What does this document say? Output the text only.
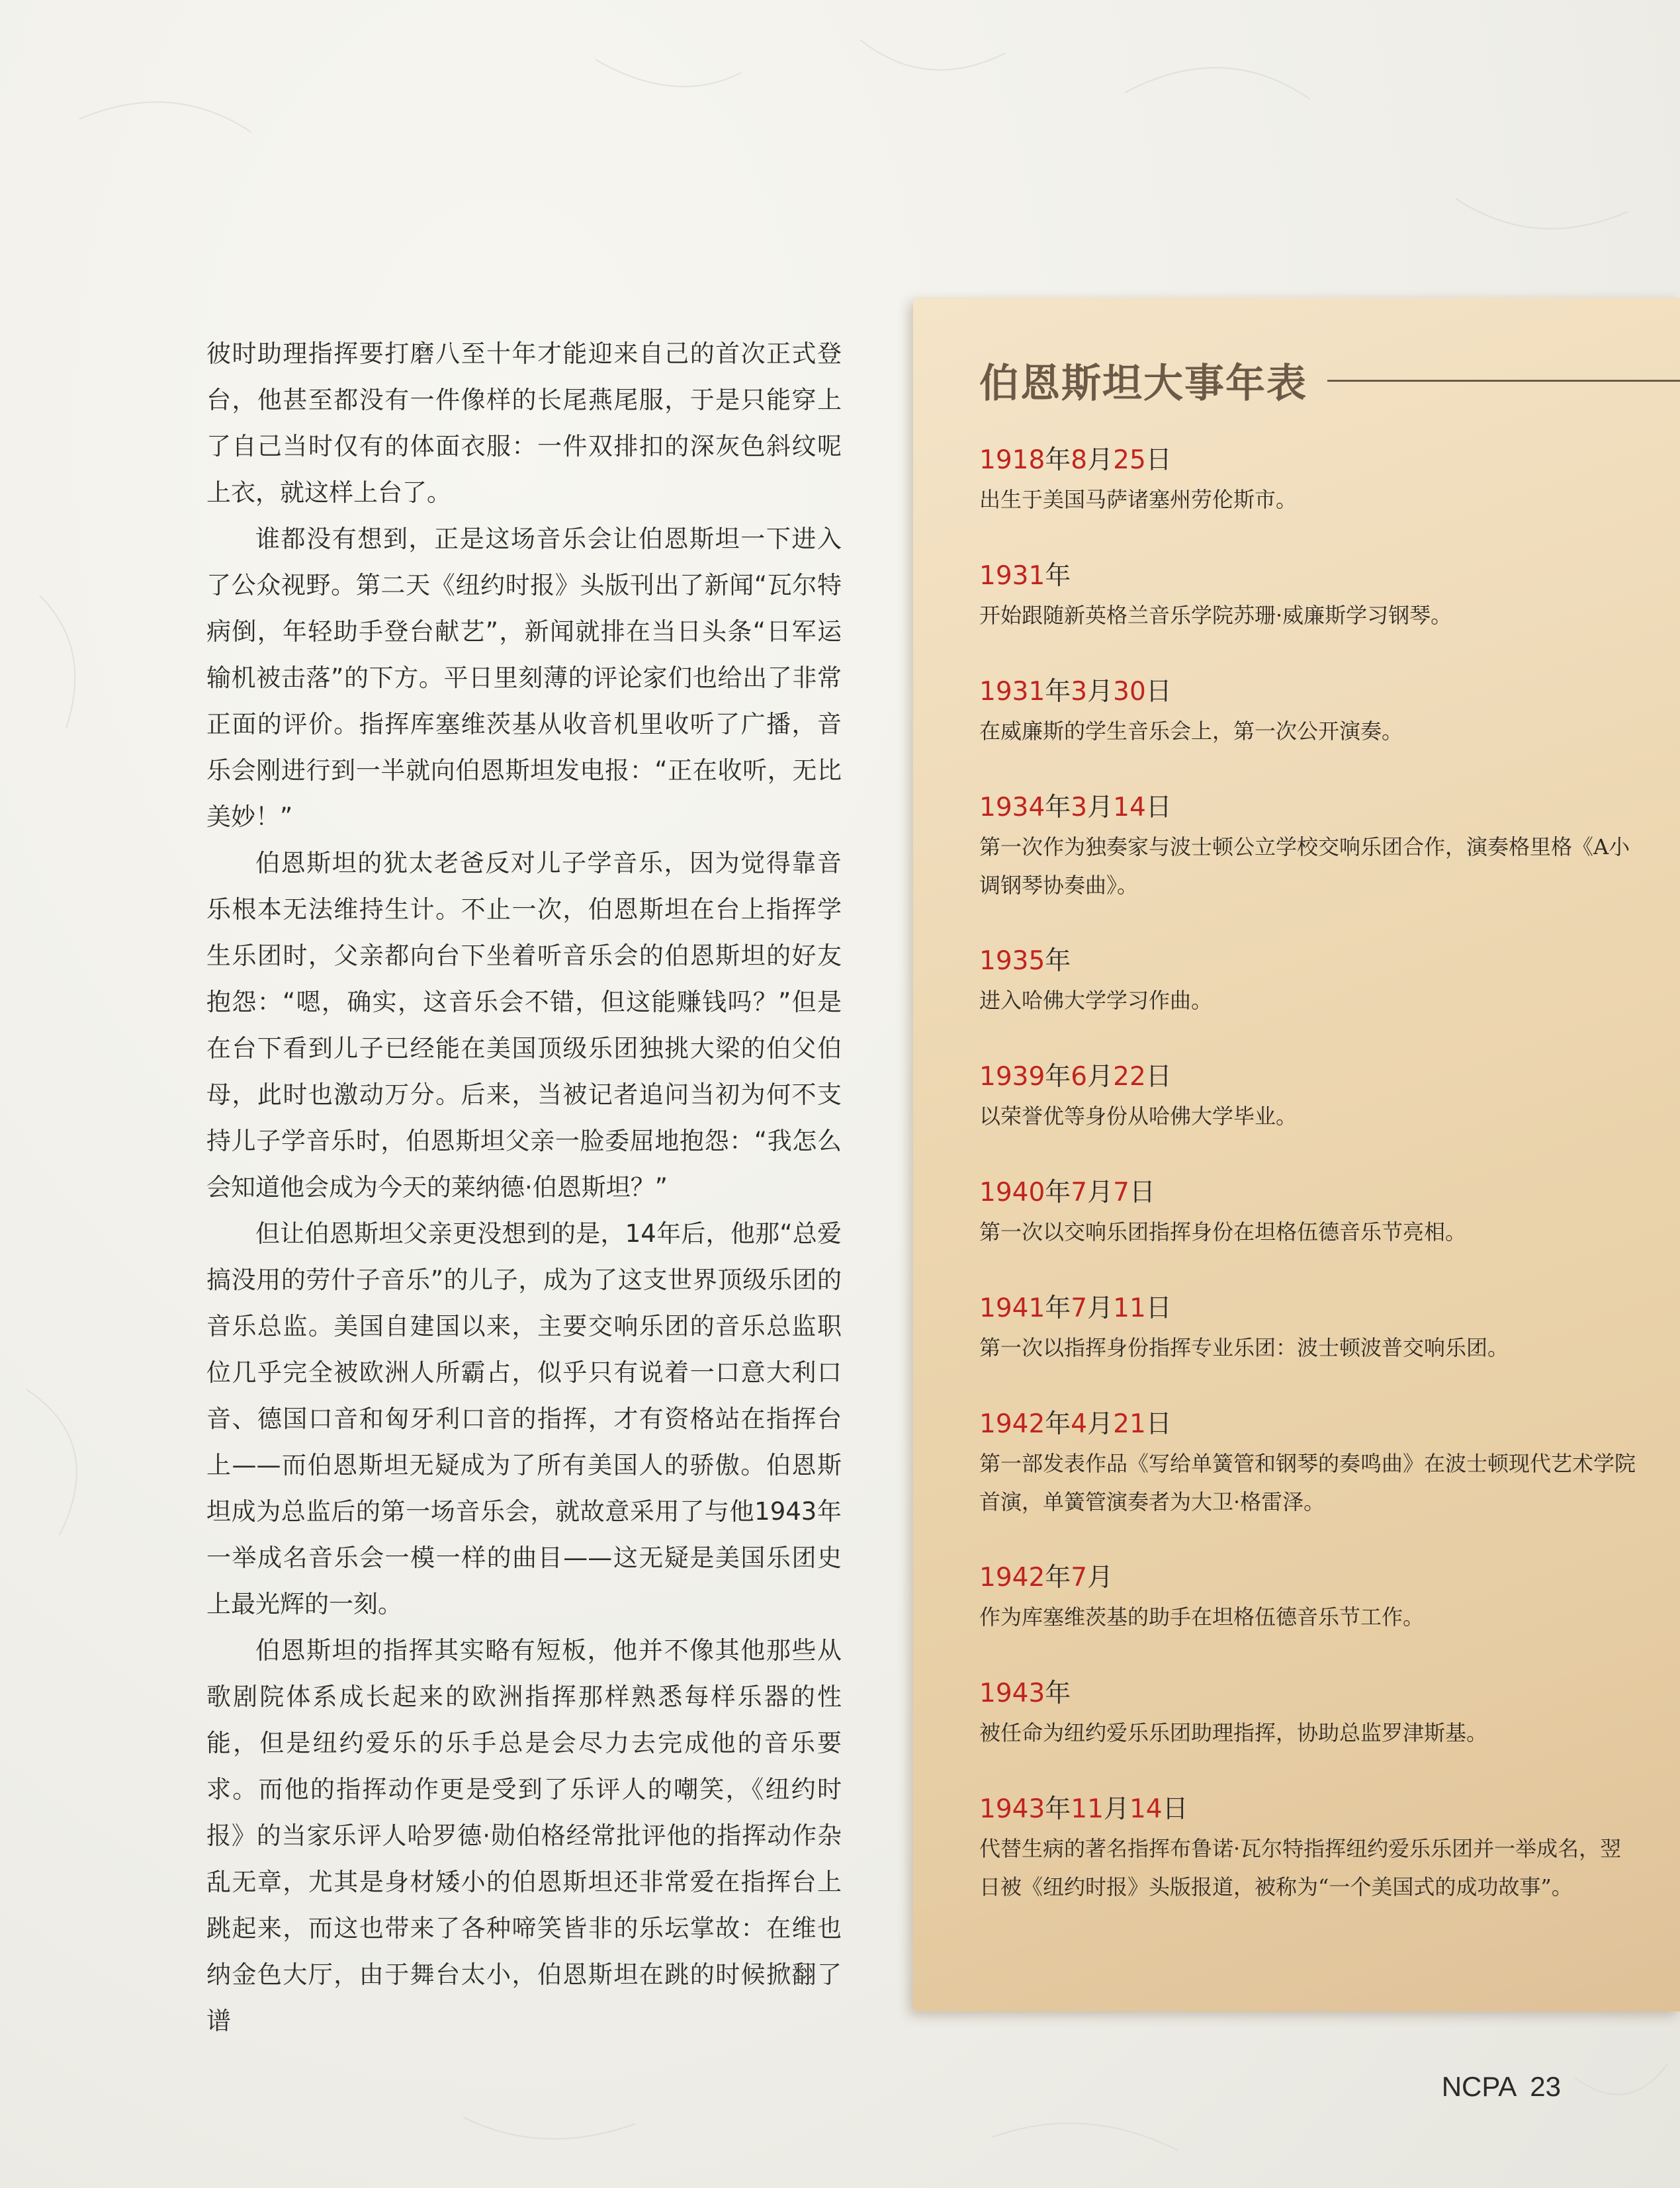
彼时助理指挥要打磨八至十年才能迎来自己的首次正式登台，他甚至都没有一件像样的长尾燕尾服，于是只能穿上了自己当时仅有的体面衣服：一件双排扣的深灰色斜纹呢上衣，就这样上台了。

谁都没有想到，正是这场音乐会让伯恩斯坦一下进入了公众视野。第二天《纽约时报》头版刊出了新闻“瓦尔特病倒，年轻助手登台献艺”，新闻就排在当日头条“日军运输机被击落”的下方。平日里刻薄的评论家们也给出了非常正面的评价。指挥库塞维茨基从收音机里收听了广播，音乐会刚进行到一半就向伯恩斯坦发电报：“正在收听，无比美妙！”

伯恩斯坦的犹太老爸反对儿子学音乐，因为觉得靠音乐根本无法维持生计。不止一次，伯恩斯坦在台上指挥学生乐团时，父亲都向台下坐着听音乐会的伯恩斯坦的好友抱怨：“嗯，确实，这音乐会不错，但这能赚钱吗？”但是在台下看到儿子已经能在美国顶级乐团独挑大梁的伯父伯母，此时也激动万分。后来，当被记者追问当初为何不支持儿子学音乐时，伯恩斯坦父亲一脸委屈地抱怨：“我怎么会知道他会成为今天的莱纳德·伯恩斯坦？”

但让伯恩斯坦父亲更没想到的是，14年后，他那“总爱搞没用的劳什子音乐”的儿子，成为了这支世界顶级乐团的音乐总监。美国自建国以来，主要交响乐团的音乐总监职位几乎完全被欧洲人所霸占，似乎只有说着一口意大利口音、德国口音和匈牙利口音的指挥，才有资格站在指挥台上——而伯恩斯坦无疑成为了所有美国人的骄傲。伯恩斯坦成为总监后的第一场音乐会，就故意采用了与他1943年一举成名音乐会一模一样的曲目——这无疑是美国乐团史上最光辉的一刻。

伯恩斯坦的指挥其实略有短板，他并不像其他那些从歌剧院体系成长起来的欧洲指挥那样熟悉每样乐器的性能，但是纽约爱乐的乐手总是会尽力去完成他的音乐要求。而他的指挥动作更是受到了乐评人的嘲笑，《纽约时报》的当家乐评人哈罗德·勋伯格经常批评他的指挥动作杂乱无章，尤其是身材矮小的伯恩斯坦还非常爱在指挥台上跳起来，而这也带来了各种啼笑皆非的乐坛掌故：在维也纳金色大厅，由于舞台太小，伯恩斯坦在跳的时候掀翻了谱

伯恩斯坦大事年表
1918年8月25日
出生于美国马萨诸塞州劳伦斯市。
1931年
开始跟随新英格兰音乐学院苏珊·威廉斯学习钢琴。
1931年3月30日
在威廉斯的学生音乐会上，第一次公开演奏。
1934年3月14日
第一次作为独奏家与波士顿公立学校交响乐团合作，演奏格里格《A小调钢琴协奏曲》。
1935年
进入哈佛大学学习作曲。
1939年6月22日
以荣誉优等身份从哈佛大学毕业。
1940年7月7日
第一次以交响乐团指挥身份在坦格伍德音乐节亮相。
1941年7月11日
第一次以指挥身份指挥专业乐团：波士顿波普交响乐团。
1942年4月21日
第一部发表作品《写给单簧管和钢琴的奏鸣曲》在波士顿现代艺术学院首演，单簧管演奏者为大卫·格雷泽。
1942年7月
作为库塞维茨基的助手在坦格伍德音乐节工作。
1943年
被任命为纽约爱乐乐团助理指挥，协助总监罗津斯基。
1943年11月14日
代替生病的著名指挥布鲁诺·瓦尔特指挥纽约爱乐乐团并一举成名，翌日被《纽约时报》头版报道，被称为“一个美国式的成功故事”。
NCPA 23
